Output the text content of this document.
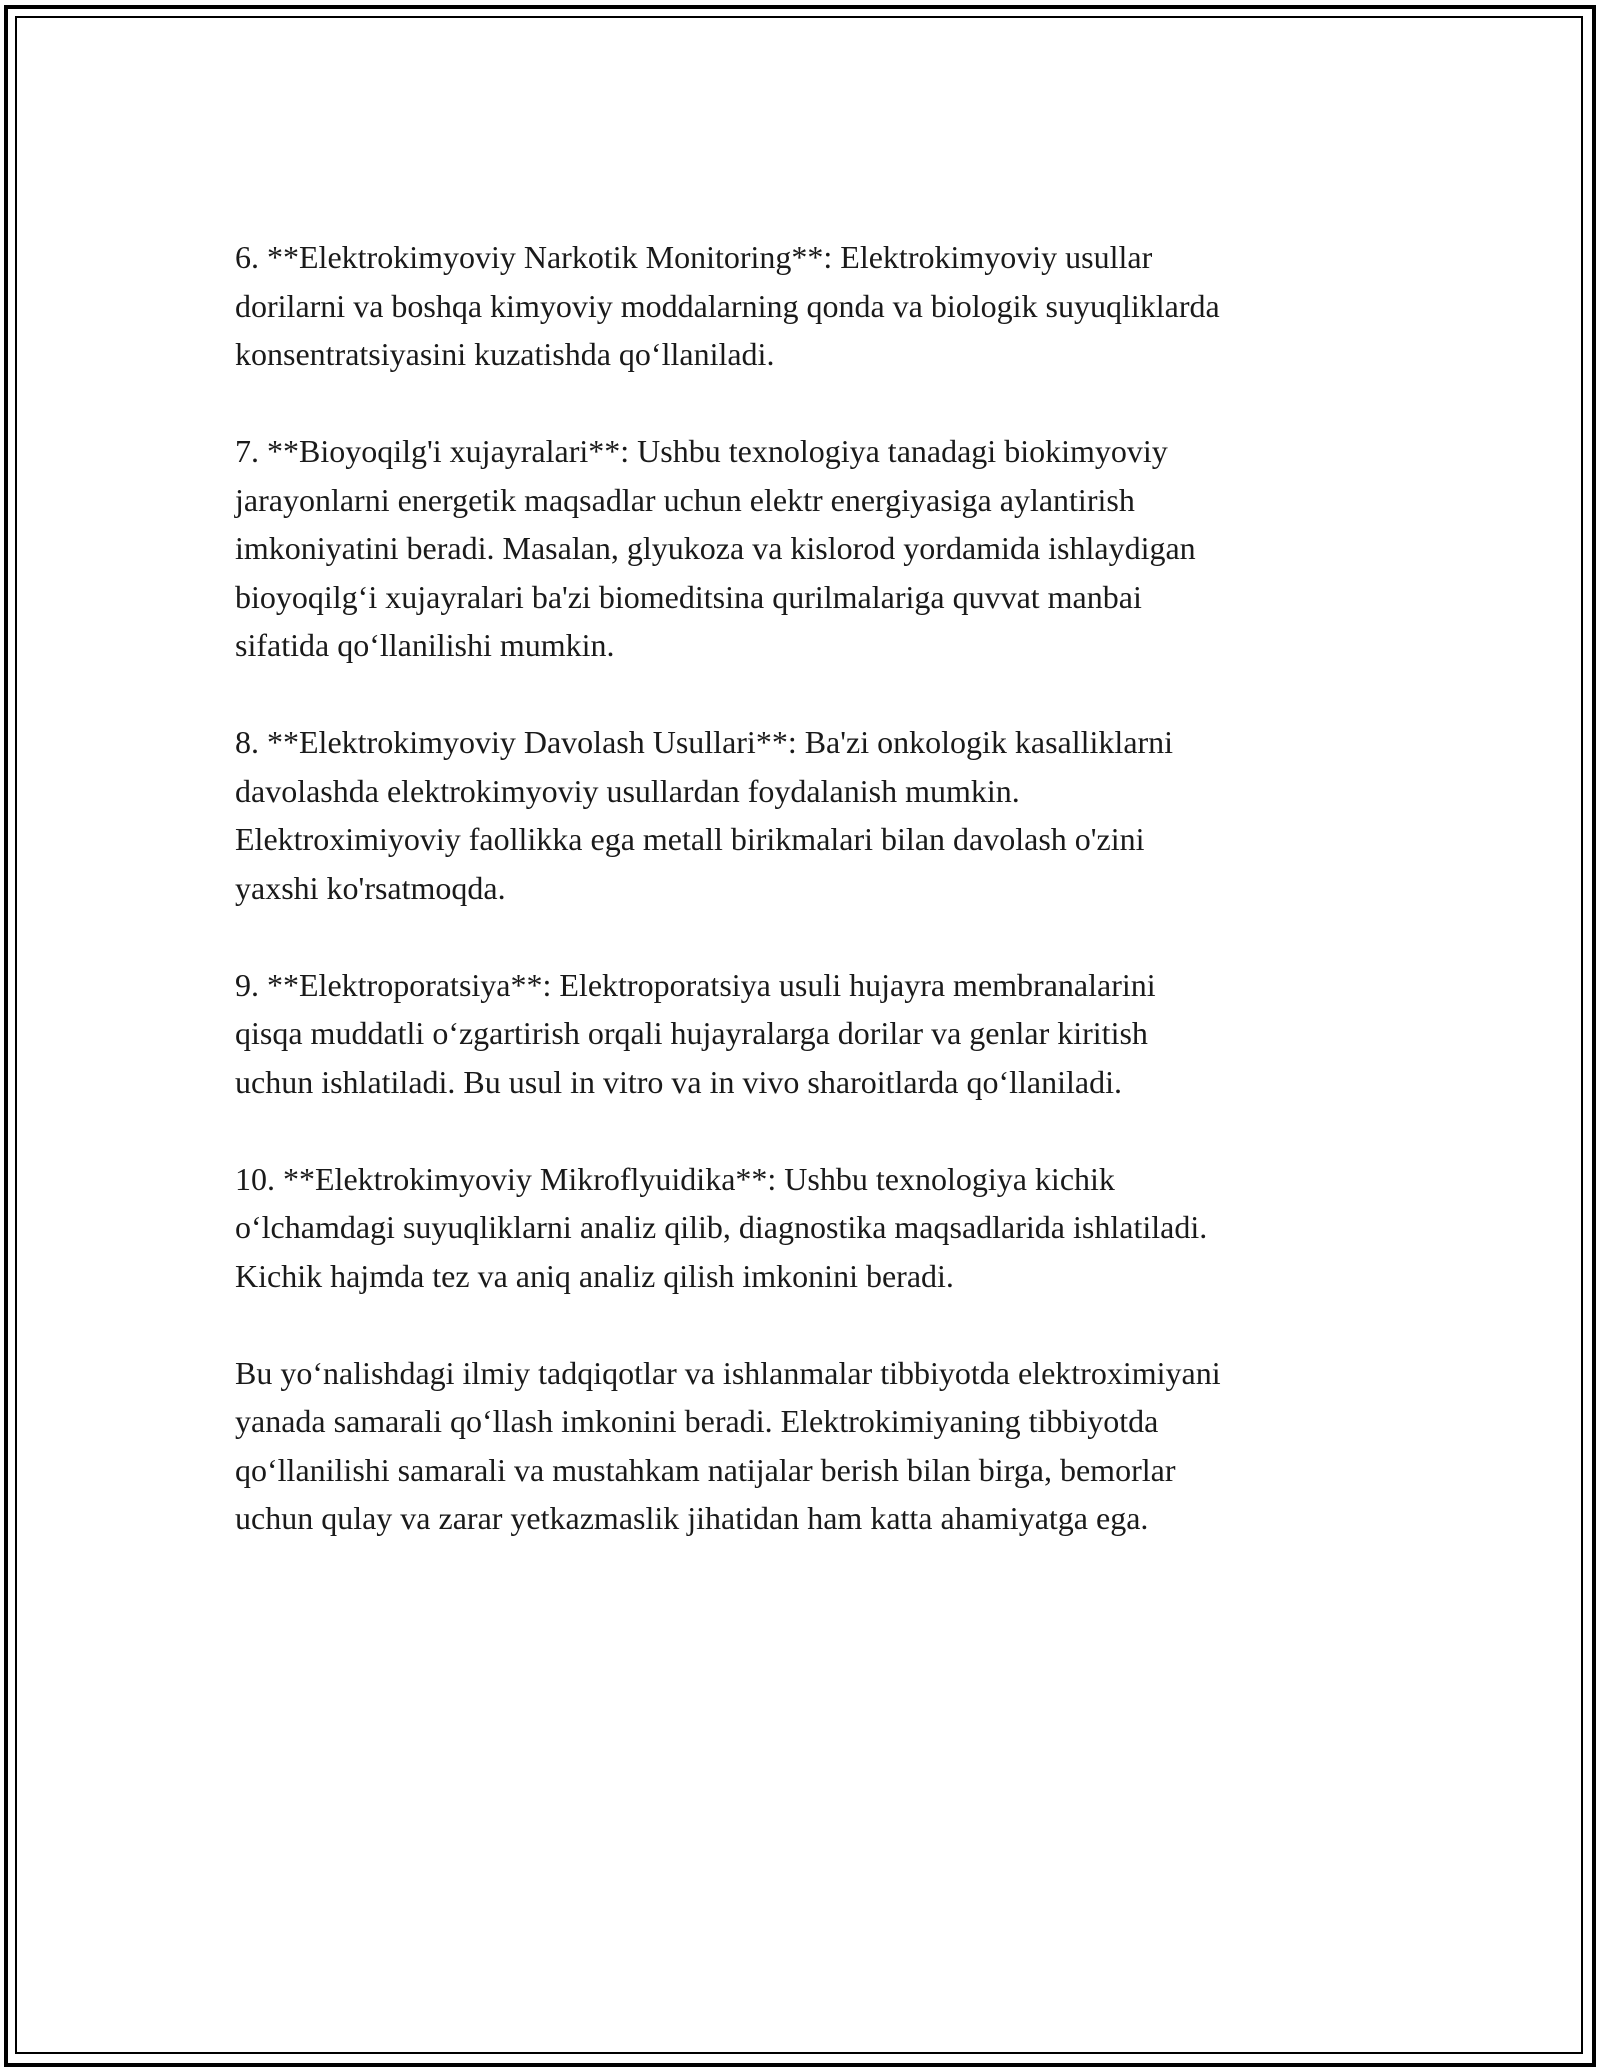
6. **Elektrokimyoviy Narkotik Monitoring**: Elektrokimyoviy usullar
dorilarni va boshqa kimyoviy moddalarning qonda va biologik suyuqliklarda
konsentratsiyasini kuzatishda qo‘llaniladi.

7. **Bioyoqilg'i xujayralari**: Ushbu texnologiya tanadagi biokimyoviy
jarayonlarni energetik maqsadlar uchun elektr energiyasiga aylantirish
imkoniyatini beradi. Masalan, glyukoza va kislorod yordamida ishlaydigan
bioyoqilg‘i xujayralari ba'zi biomeditsina qurilmalariga quvvat manbai
sifatida qo‘llanilishi mumkin.

8. **Elektrokimyoviy Davolash Usullari**: Ba'zi onkologik kasalliklarni
davolashda elektrokimyoviy usullardan foydalanish mumkin.
Elektroximiyoviy faollikka ega metall birikmalari bilan davolash o'zini
yaxshi ko'rsatmoqda.

9. **Elektroporatsiya**: Elektroporatsiya usuli hujayra membranalarini
qisqa muddatli o‘zgartirish orqali hujayralarga dorilar va genlar kiritish
uchun ishlatiladi. Bu usul in vitro va in vivo sharoitlarda qo‘llaniladi.

10. **Elektrokimyoviy Mikroflyuidika**: Ushbu texnologiya kichik
o‘lchamdagi suyuqliklarni analiz qilib, diagnostika maqsadlarida ishlatiladi.
Kichik hajmda tez va aniq analiz qilish imkonini beradi.

Bu yo‘nalishdagi ilmiy tadqiqotlar va ishlanmalar tibbiyotda elektroximiyani
yanada samarali qo‘llash imkonini beradi. Elektrokimiyaning tibbiyotda
qo‘llanilishi samarali va mustahkam natijalar berish bilan birga, bemorlar
uchun qulay va zarar yetkazmaslik jihatidan ham katta ahamiyatga ega.
